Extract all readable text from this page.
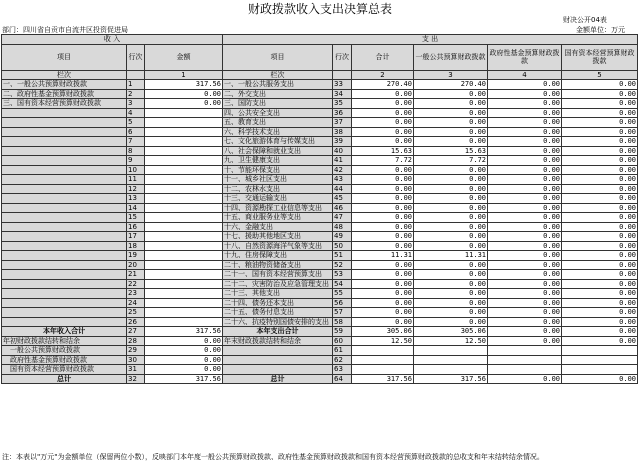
财政拨款收入支出决算总表
财决公开04表
部门：四川省自贡市自流井区投资促进局	金额单位：万元
收 入			支 出					
项目	行次	金额	项目	行次	合计	一般公共预算财政拨款	政府性基金预算财政拨款	国有资本经营预算财政拨款
栏次		1	栏次		2	3	4	5
一、一般公共预算财政拨款	1	317.56	一、一般公共服务支出	33	270.40	270.40	0.00	0.00
二、政府性基金预算财政拨款	2	0.00	二、外交支出	34	0.00	0.00	0.00	0.00
三、国有资本经营预算财政拨款	3	0.00	三、国防支出	35	0.00	0.00	0.00	0.00
	4		四、公共安全支出	36	0.00	0.00	0.00	0.00
	5		五、教育支出	37	0.00	0.00	0.00	0.00
	6		六、科学技术支出	38	0.00	0.00	0.00	0.00
	7		七、文化旅游体育与传媒支出	39	0.00	0.00	0.00	0.00
	8		八、社会保障和就业支出	40	15.63	15.63	0.00	0.00
	9		九、卫生健康支出	41	7.72	7.72	0.00	0.00
	10		十、节能环保支出	42	0.00	0.00	0.00	0.00
	11		十一、城乡社区支出	43	0.00	0.00	0.00	0.00
	12		十二、农林水支出	44	0.00	0.00	0.00	0.00
	13		十三、交通运输支出	45	0.00	0.00	0.00	0.00
	14		十四、资源勘探工业信息等支出	46	0.00	0.00	0.00	0.00
	15		十五、商业服务业等支出	47	0.00	0.00	0.00	0.00
	16		十六、金融支出	48	0.00	0.00	0.00	0.00
	17		十七、援助其他地区支出	49	0.00	0.00	0.00	0.00
	18		十八、自然资源海洋气象等支出	50	0.00	0.00	0.00	0.00
	19		十九、住房保障支出	51	11.31	11.31	0.00	0.00
	20		二十、粮油物资储备支出	52	0.00	0.00	0.00	0.00
	21		二十一、国有资本经营预算支出	53	0.00	0.00	0.00	0.00
	22		二十二、灾害防治及应急管理支出	54	0.00	0.00	0.00	0.00
	23		二十三、其他支出	55	0.00	0.00	0.00	0.00
	24		二十四、债务还本支出	56	0.00	0.00	0.00	0.00
	25		二十五、债务付息支出	57	0.00	0.00	0.00	0.00
	26		二十六、抗疫特别国债安排的支出	58	0.00	0.00	0.00	0.00
本年收入合计	27	317.56	本年支出合计	59	305.06	305.06	0.00	0.00
年初财政拨款结转和结余	28	0.00	年末财政拨款结转和结余	60	12.50	12.50	0.00	0.00
一般公共预算财政拨款	29	0.00		61				
政府性基金预算财政拨款	30	0.00		62				
国有资本经营预算财政拨款	31	0.00		63				
总计	32	317.56	总计	64	317.56	317.56	0.00	0.00
注：本表以"万元"为金额单位（保留两位小数），反映部门本年度一般公共预算财政拨款、政府性基金预算财政拨款和国有资本经营预算财政拨款的总收支和年末结转结余情况。
